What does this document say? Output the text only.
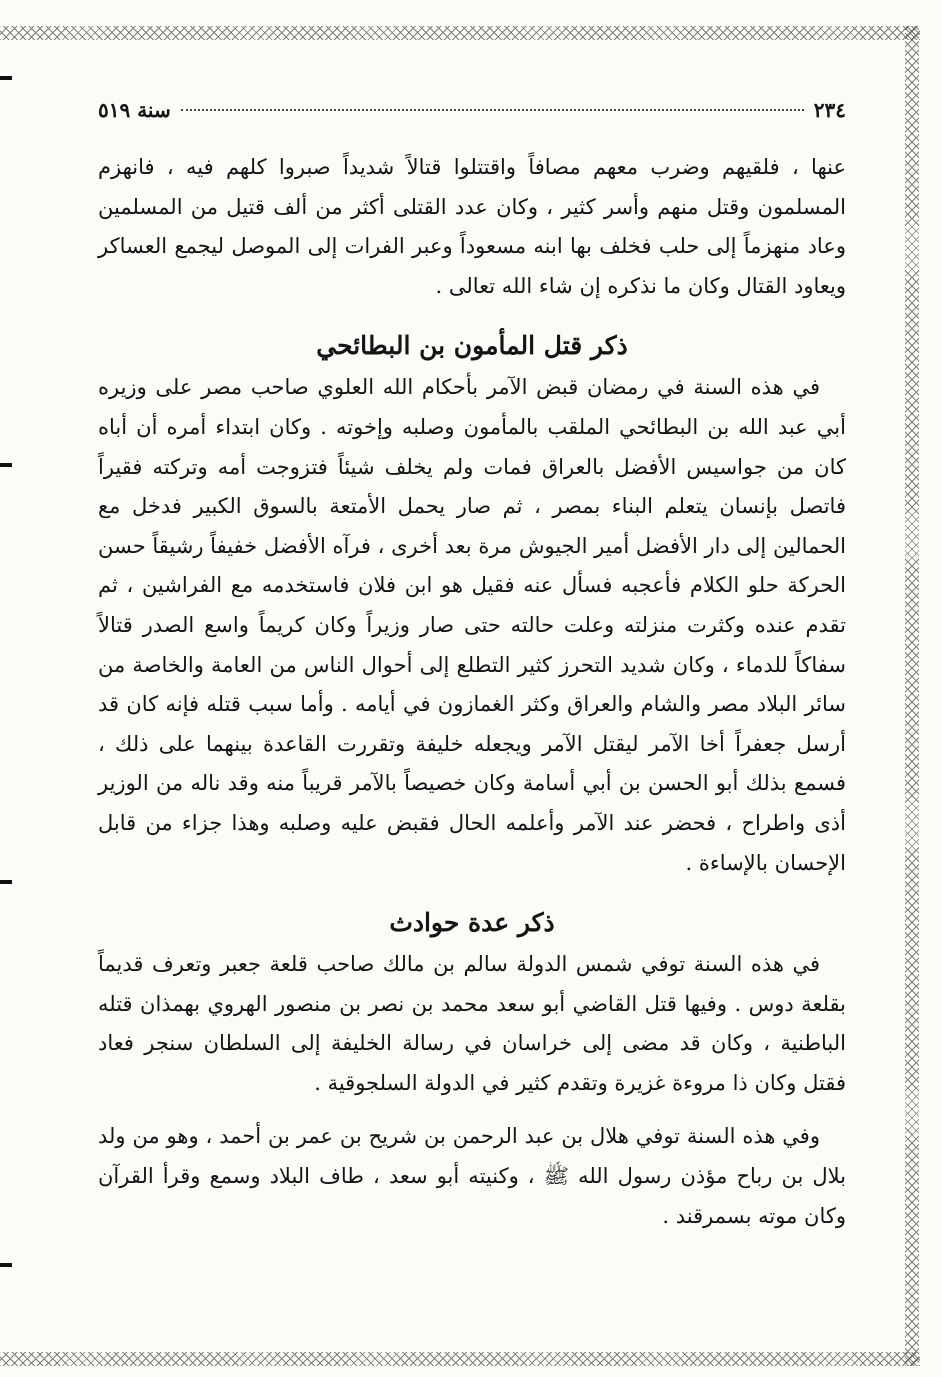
٢٣٤
سنة ٥١٩

عنها ، فلقيهم وضرب معهم مصافاً واقتتلوا قتالاً شديداً صبروا كلهم فيه ، فانهزم المسلمون وقتل منهم وأسر كثير ، وكان عدد القتلى أكثر من ألف قتيل من المسلمين وعاد منهزماً إلى حلب فخلف بها ابنه مسعوداً وعبر الفرات إلى الموصل ليجمع العساكر ويعاود القتال وكان ما نذكره إن شاء الله تعالى .

ذكر قتل المأمون بن البطائحي

في هذه السنة في رمضان قبض الآمر بأحكام الله العلوي صاحب مصر على وزيره أبي عبد الله بن البطائحي الملقب بالمأمون وصلبه وإخوته . وكان ابتداء أمره أن أباه كان من جواسيس الأفضل بالعراق فمات ولم يخلف شيئاً فتزوجت أمه وتركته فقيراً فاتصل بإنسان يتعلم البناء بمصر ، ثم صار يحمل الأمتعة بالسوق الكبير فدخل مع الحمالين إلى دار الأفضل أمير الجيوش مرة بعد أخرى ، فرآه الأفضل خفيفاً رشيقاً حسن الحركة حلو الكلام فأعجبه فسأل عنه فقيل هو ابن فلان فاستخدمه مع الفراشين ، ثم تقدم عنده وكثرت منزلته وعلت حالته حتى صار وزيراً وكان كريماً واسع الصدر قتالاً سفاكاً للدماء ، وكان شديد التحرز كثير التطلع إلى أحوال الناس من العامة والخاصة من سائر البلاد مصر والشام والعراق وكثر الغمازون في أيامه . وأما سبب قتله فإنه كان قد أرسل جعفراً أخا الآمر ليقتل الآمر ويجعله خليفة وتقررت القاعدة بينهما على ذلك ، فسمع بذلك أبو الحسن بن أبي أسامة وكان خصيصاً بالآمر قريباً منه وقد ناله من الوزير أذى واطراح ، فحضر عند الآمر وأعلمه الحال فقبض عليه وصلبه وهذا جزاء من قابل الإحسان بالإساءة .

ذكر عدة حوادث

في هذه السنة توفي شمس الدولة سالم بن مالك صاحب قلعة جعبر وتعرف قديماً بقلعة دوس . وفيها قتل القاضي أبو سعد محمد بن نصر بن منصور الهروي بهمذان قتله الباطنية ، وكان قد مضى إلى خراسان في رسالة الخليفة إلى السلطان سنجر فعاد فقتل وكان ذا مروءة غزيرة وتقدم كثير في الدولة السلجوقية .

وفي هذه السنة توفي هلال بن عبد الرحمن بن شريح بن عمر بن أحمد ، وهو من ولد بلال بن رباح مؤذن رسول الله ﷺ ، وكنيته أبو سعد ، طاف البلاد وسمع وقرأ القرآن وكان موته بسمرقند .
